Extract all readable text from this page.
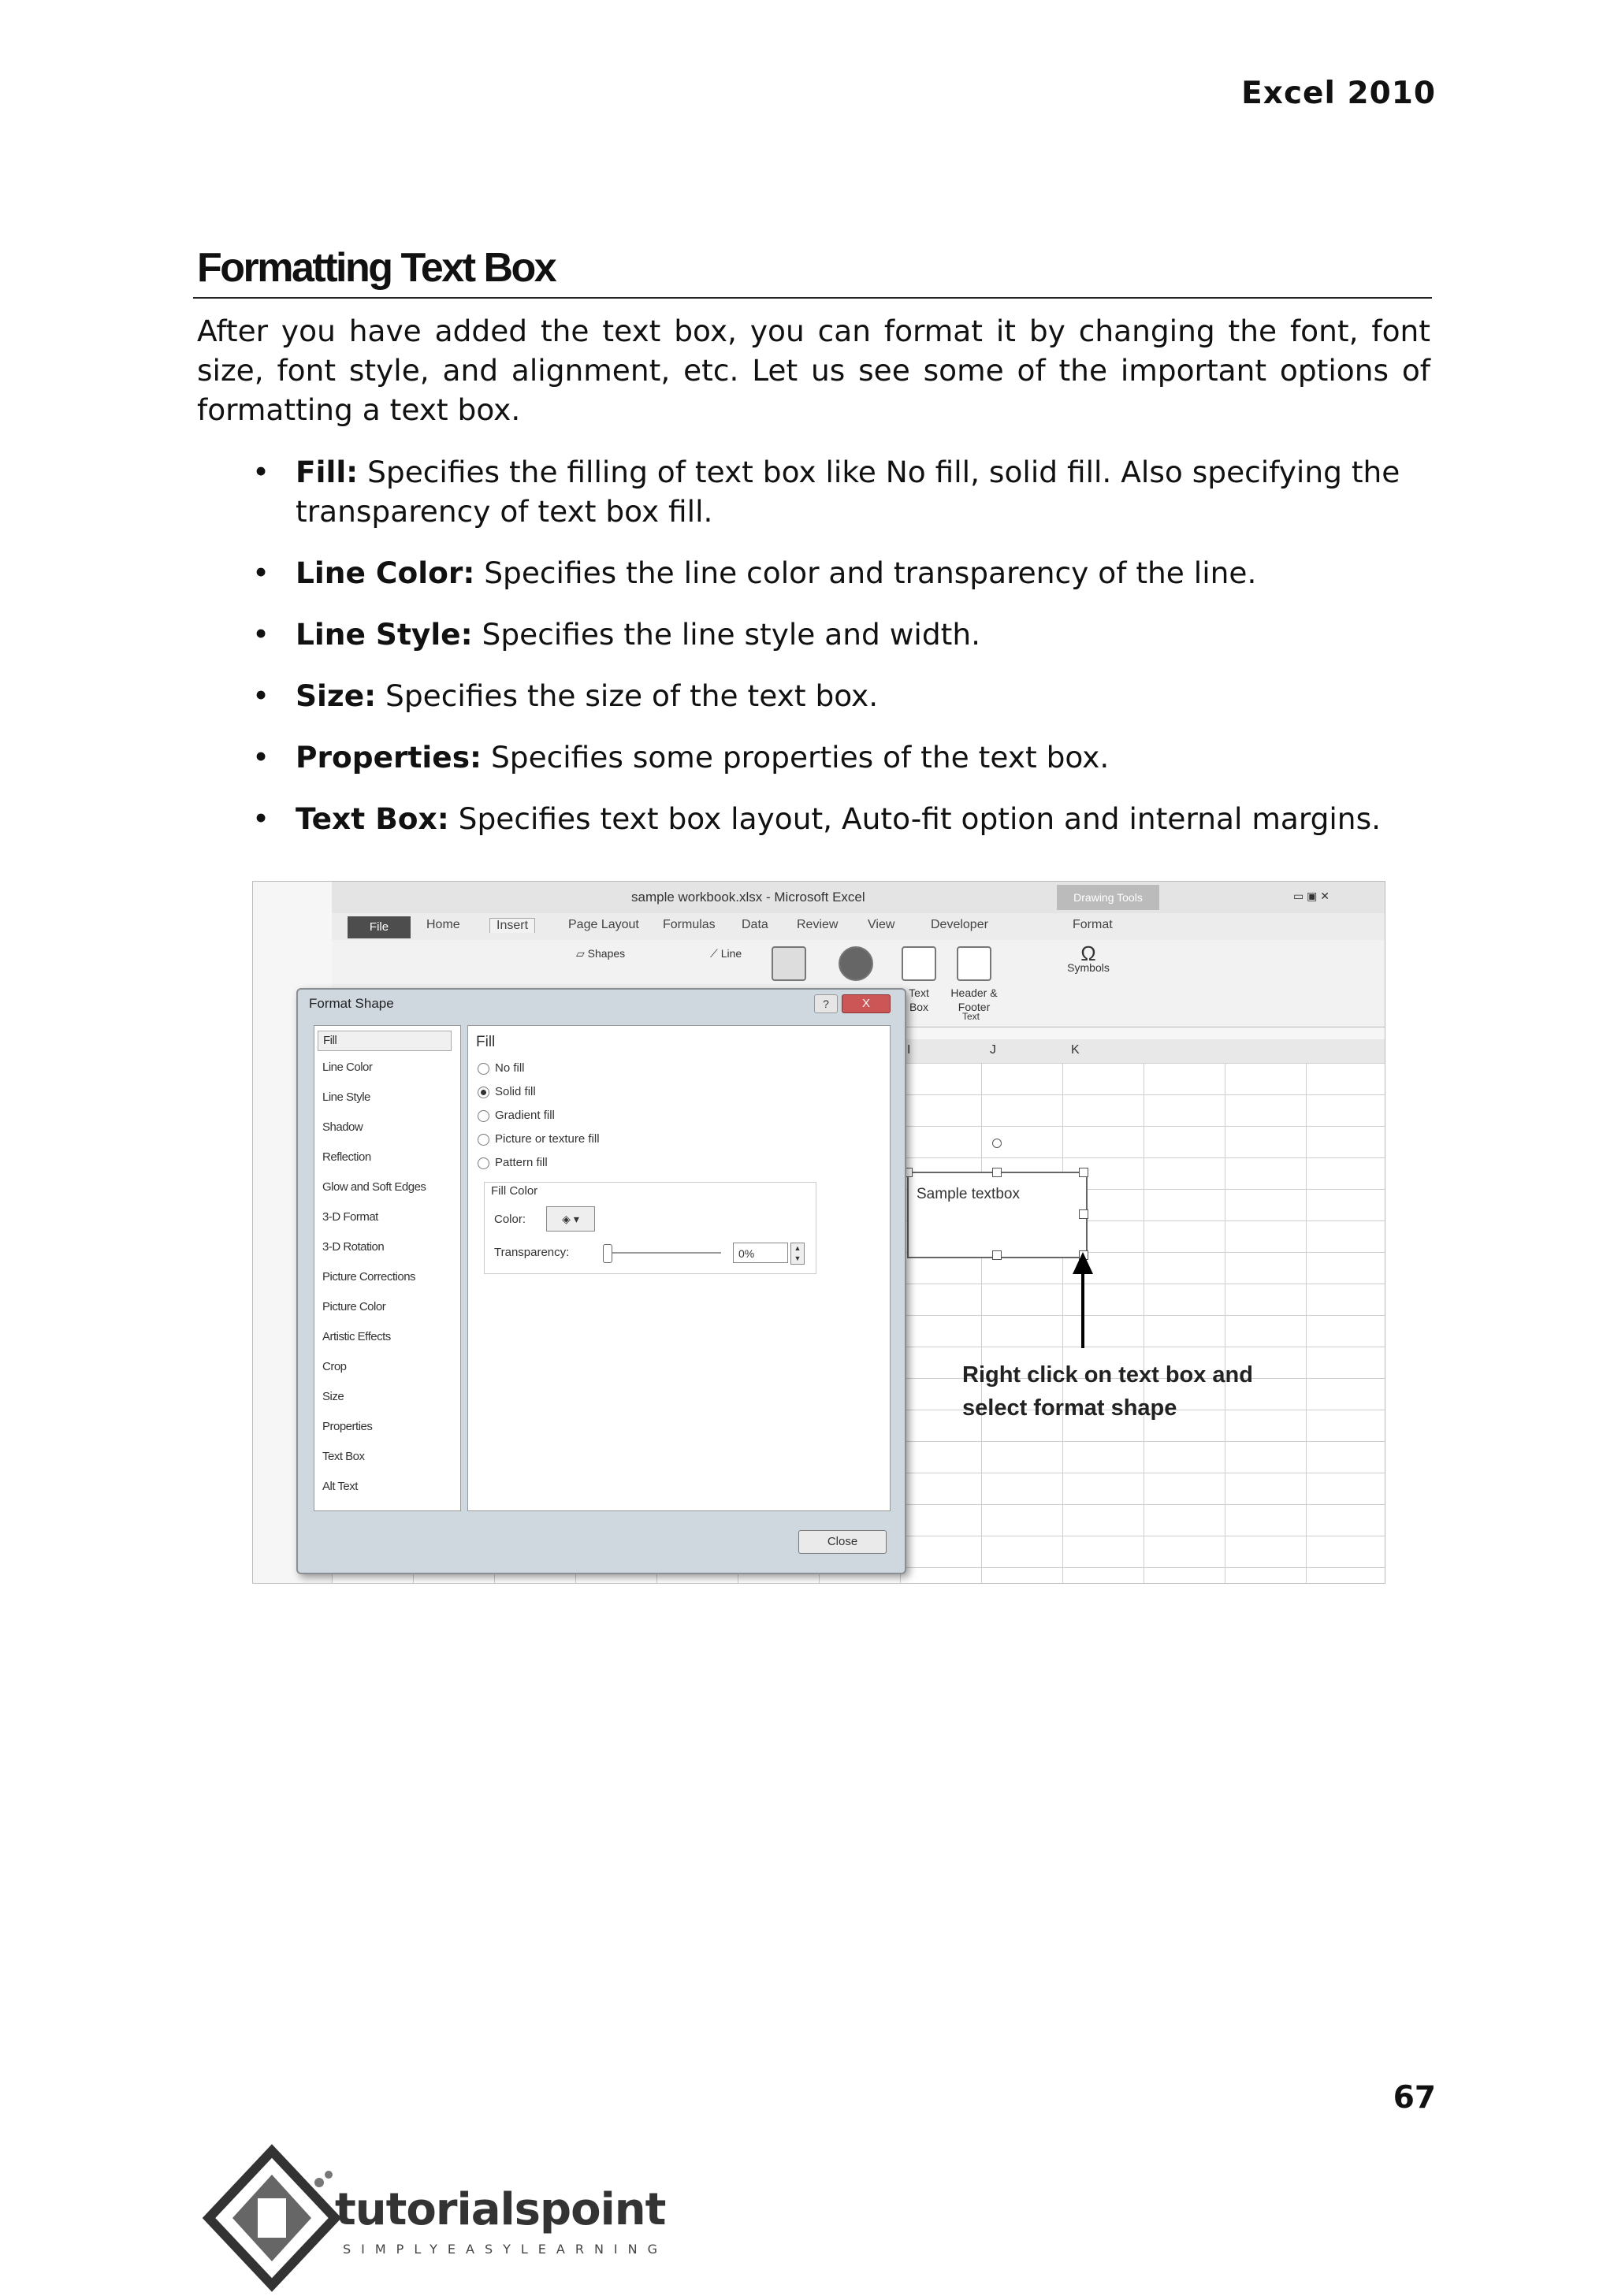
Excel 2010
Formatting Text Box
After you have added the text box, you can format it by changing the font, font size, font style, and alignment, etc. Let us see some of the important options of formatting a text box.
• Fill: Specifies the filling of text box like No fill, solid fill. Also specifying the transparency of text box fill.
• Line Color: Specifies the line color and transparency of the line.
• Line Style: Specifies the line style and width.
• Size: Specifies the size of the text box.
• Properties: Specifies some properties of the text box.
• Text Box: Specifies text box layout, Auto-fit option and internal margins.
sample workbook.xlsx - Microsoft Excel	Drawing Tools	▭ ▣ ✕
File	Home	Insert	Page Layout Formulas Data Review View	Developer	Format
▱ Shapes	⟋ Line
Text Box
Header & Footer
Ω
Symbols
Text
I	J	K
Sample textbox
Right click on text box and select format shape
Format Shape	?	X
Fill
Line Color
Line Style
Shadow
Reflection
Glow and Soft Edges
3-D Format
3-D Rotation
Picture Corrections
Picture Color
Artistic Effects
Crop
Size
Properties
Text Box
Alt Text
Fill
No fill
Solid fill
Gradient fill
Picture or texture fill
Pattern fill
Fill Color
Color:	◈ ▾
Transparency:	0%	▲
▼
Close
67
tutorialspoint
SIMPLYEASYLEARNING
